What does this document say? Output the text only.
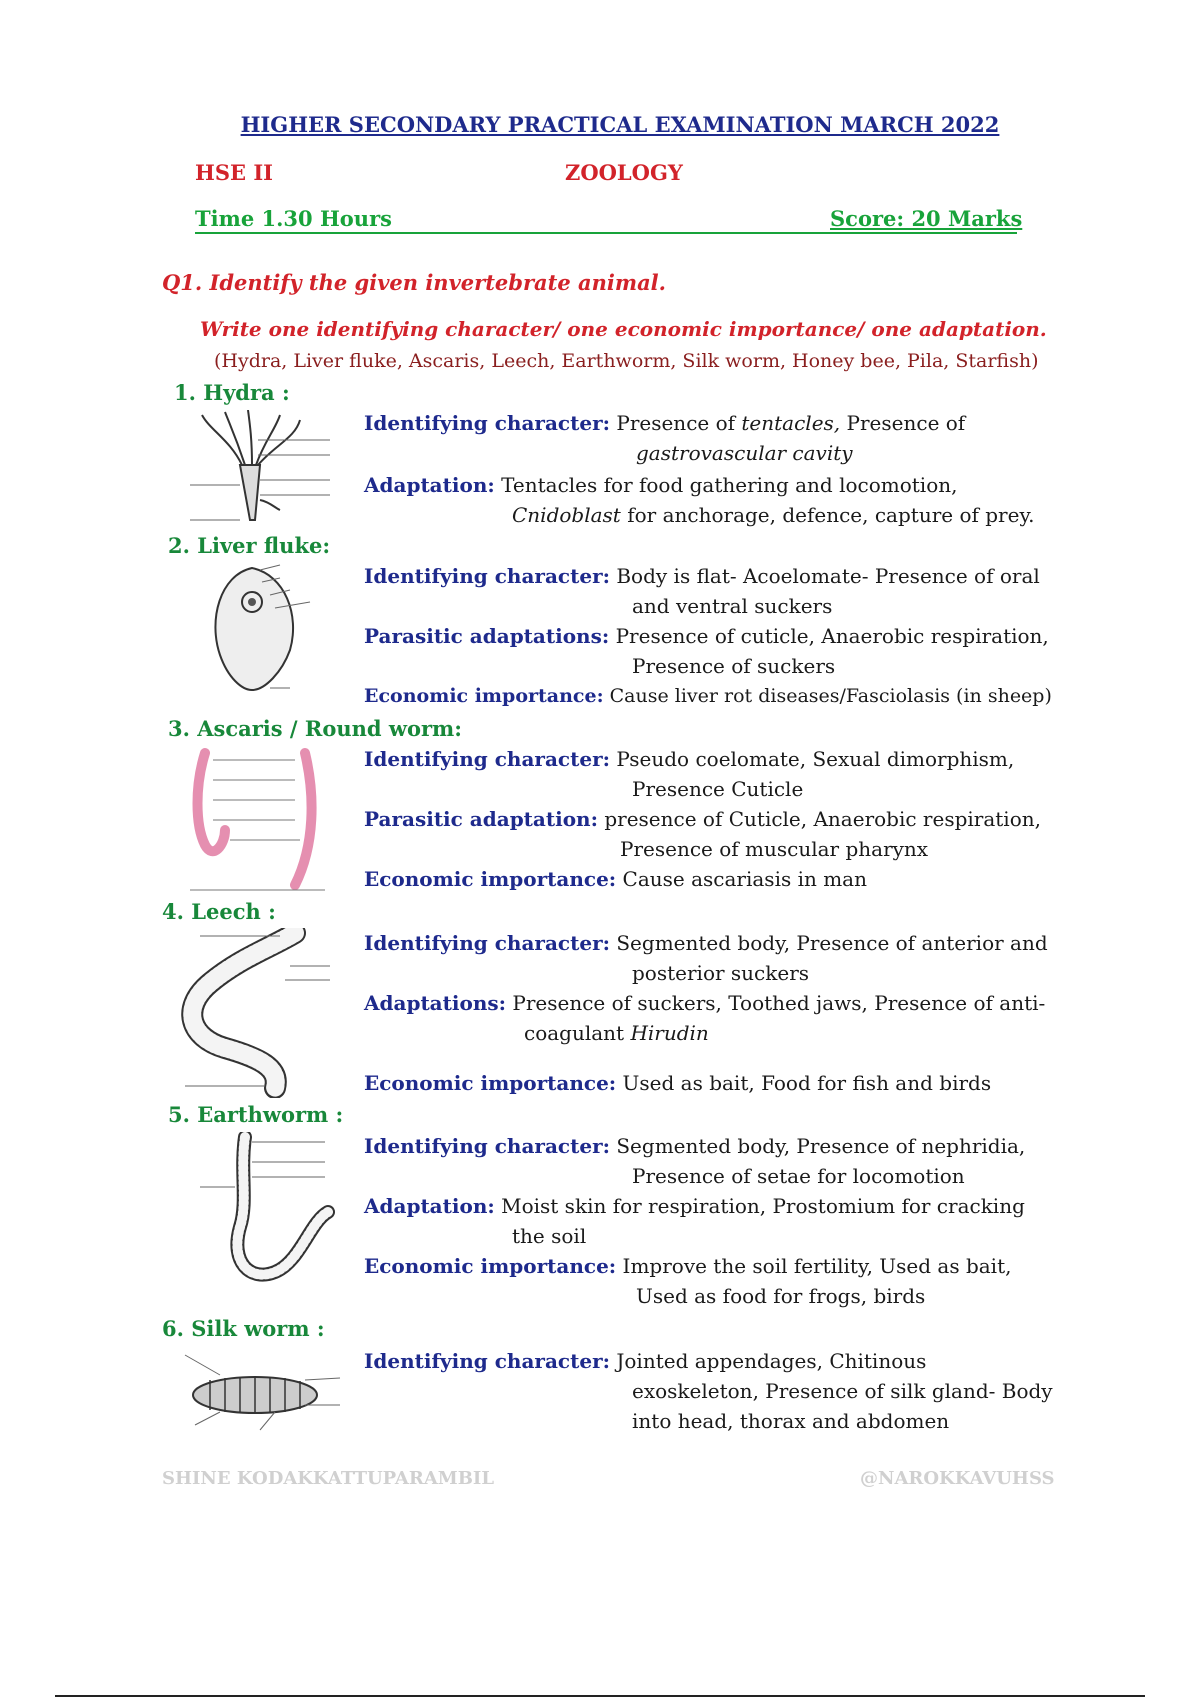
HIGHER SECONDARY PRACTICAL EXAMINATION MARCH 2022
HSE II	ZOOLOGY
Time 1.30 Hours	Score: 20 Marks
Q1. Identify the given invertebrate animal.
Write one identifying character/ one economic importance/ one adaptation.
(Hydra, Liver fluke, Ascaris, Leech, Earthworm, Silk worm, Honey bee, Pila, Starfish)
1. Hydra :
Identifying character: Presence of tentacles, Presence of
gastrovascular cavity
Adaptation: Tentacles for food gathering and locomotion,
Cnidoblast for anchorage, defence, capture of prey.
2. Liver fluke:
Identifying character: Body is flat- Acoelomate- Presence of oral
and ventral suckers
Parasitic adaptations: Presence of cuticle, Anaerobic respiration,
Presence of suckers
Economic importance: Cause liver rot diseases/Fasciolasis (in sheep)
3. Ascaris / Round worm:
Identifying character: Pseudo coelomate, Sexual dimorphism,
Presence Cuticle
Parasitic adaptation: presence of Cuticle, Anaerobic respiration,
Presence of muscular pharynx
Economic importance: Cause ascariasis in man
4. Leech :
Identifying character: Segmented body, Presence of anterior and
posterior suckers
Adaptations: Presence of suckers, Toothed jaws, Presence of anti-
coagulant Hirudin
Economic importance: Used as bait, Food for fish and birds
5. Earthworm :
Identifying character: Segmented body, Presence of nephridia,
Presence of setae for locomotion
Adaptation: Moist skin for respiration, Prostomium for cracking
the soil
Economic importance: Improve the soil fertility, Used as bait,
Used as food for frogs, birds
6. Silk worm :
Identifying character: Jointed appendages, Chitinous
exoskeleton, Presence of silk gland- Body
into head, thorax and abdomen
SHINE KODAKKATTUPARAMBIL	@NAROKKAVUHSS
